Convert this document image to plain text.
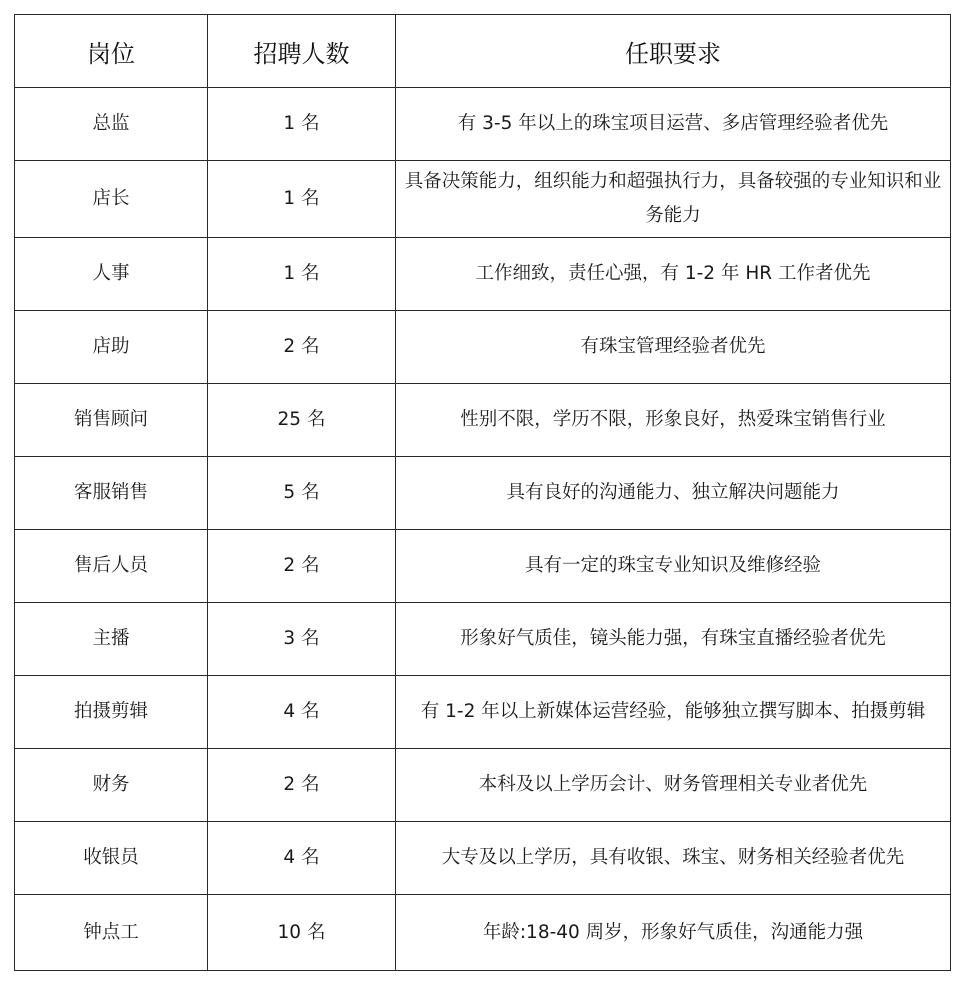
岗位	招聘人数	任职要求
总监	1 名	有 3-5 年以上的珠宝项目运营、多店管理经验者优先
店长	1 名	具备决策能力，组织能力和超强执行力，具备较强的专业知识和业务能力
人事	1 名	工作细致，责任心强，有 1-2 年 HR 工作者优先
店助	2 名	有珠宝管理经验者优先
销售顾问	25 名	性别不限，学历不限，形象良好，热爱珠宝销售行业
客服销售	5 名	具有良好的沟通能力、独立解决问题能力
售后人员	2 名	具有一定的珠宝专业知识及维修经验
主播	3 名	形象好气质佳，镜头能力强，有珠宝直播经验者优先
拍摄剪辑	4 名	有 1-2 年以上新媒体运营经验，能够独立撰写脚本、拍摄剪辑
财务	2 名	本科及以上学历会计、财务管理相关专业者优先
收银员	4 名	大专及以上学历，具有收银、珠宝、财务相关经验者优先
钟点工	10 名	年龄:18-40 周岁，形象好气质佳，沟通能力强
